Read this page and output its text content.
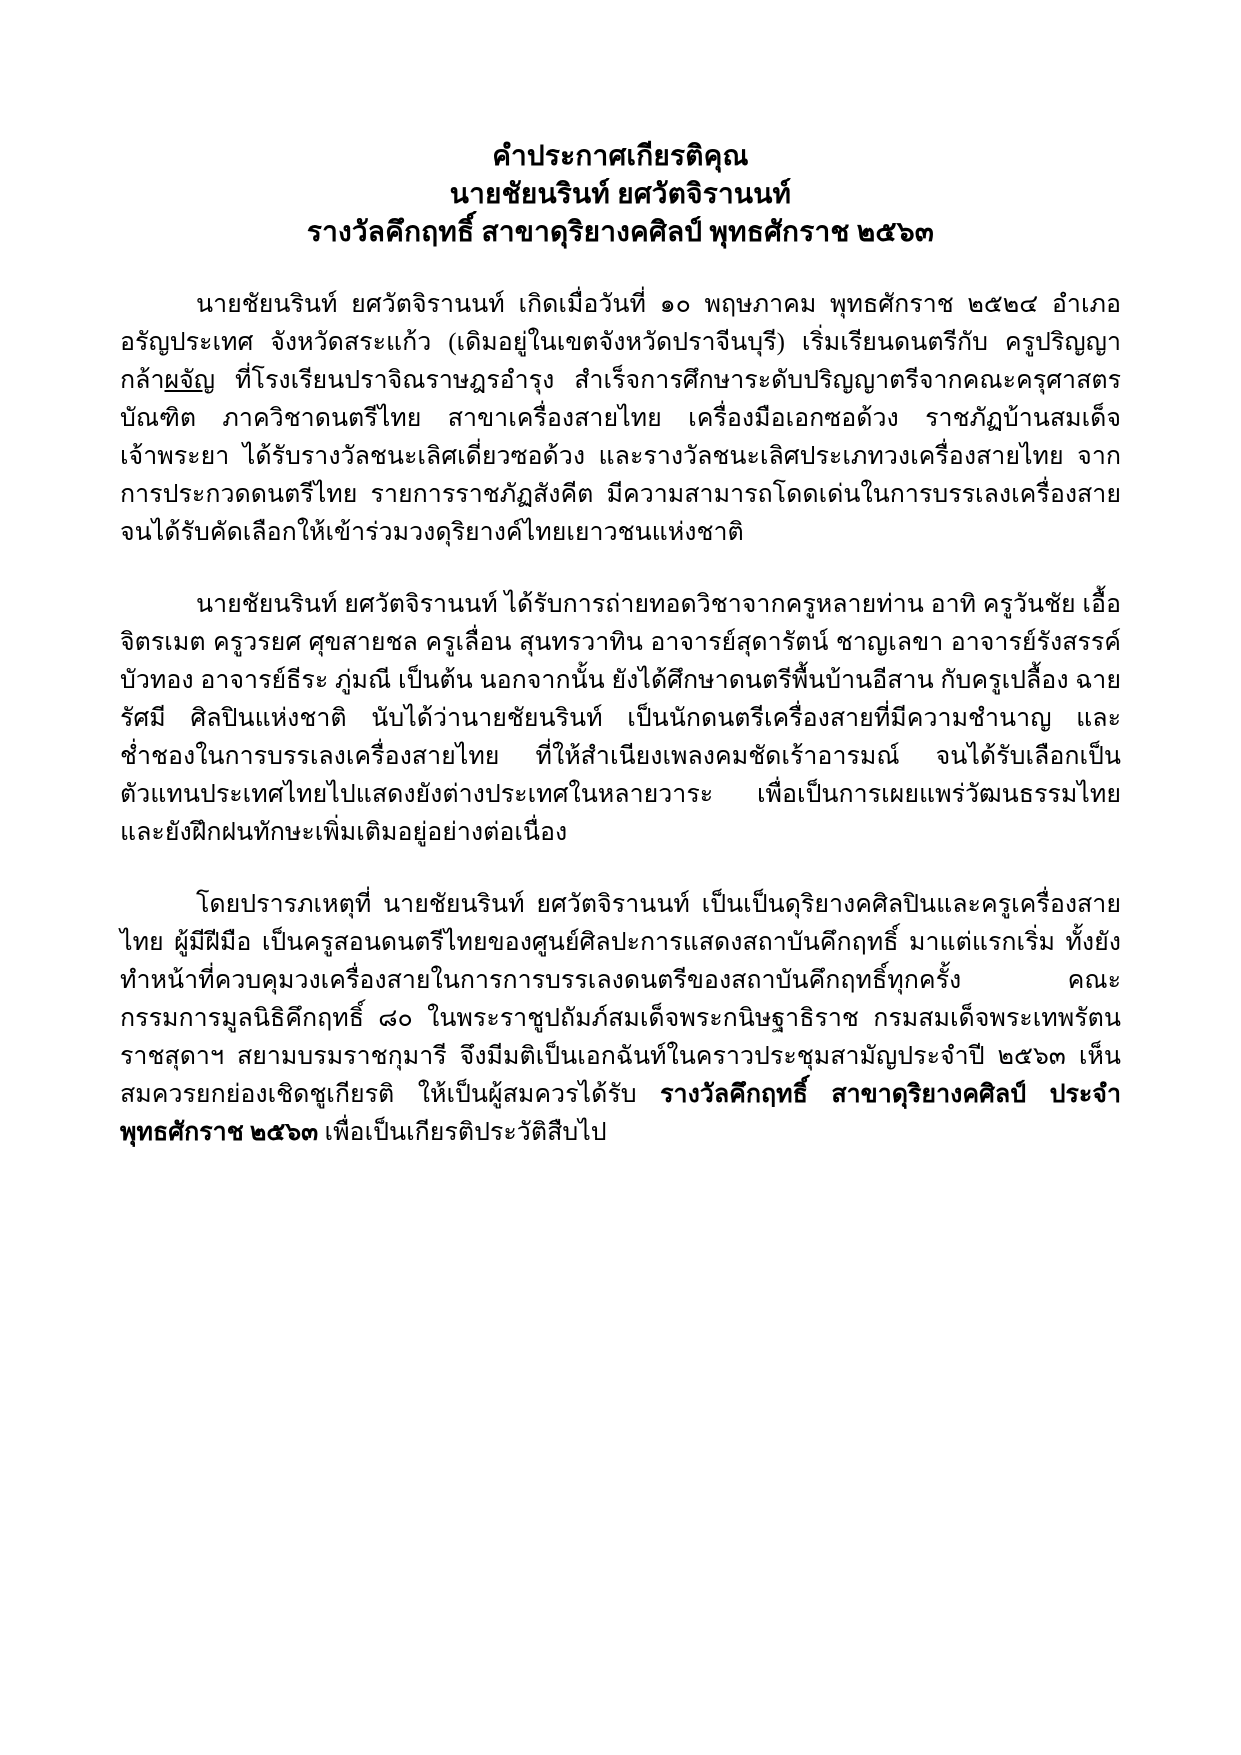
คำประกาศเกียรติคุณ
นายชัยนรินท์ ยศวัตจิรานนท์
รางวัลคึกฤทธิ์ สาขาดุริยางคศิลป์ พุทธศักราช ๒๕๖๓

นายชัยนรินท์ ยศวัตจิรานนท์ เกิดเมื่อวันที่ ๑๐ พฤษภาคม พุทธศักราช ๒๕๒๔ อำเภออรัญประเทศ จังหวัดสระแก้ว (เดิมอยู่ในเขตจังหวัดปราจีนบุรี) เริ่มเรียนดนตรีกับ ครูปริญญา กล้าผจัญ ที่โรงเรียนปราจิณราษฎรอำรุง สำเร็จการศึกษาระดับปริญญาตรีจากคณะครุศาสตรบัณฑิต ภาควิชาดนตรีไทย สาขาเครื่องสายไทย เครื่องมือเอกซอด้วง ราชภัฏบ้านสมเด็จเจ้าพระยา ได้รับรางวัลชนะเลิศเดี่ยวซอด้วง และรางวัลชนะเลิศประเภทวงเครื่องสายไทย จากการประกวดดนตรีไทย รายการราชภัฏสังคีต มีความสามารถโดดเด่นในการบรรเลงเครื่องสาย จนได้รับคัดเลือกให้เข้าร่วมวงดุริยางค์ไทยเยาวชนแห่งชาติ

นายชัยนรินท์ ยศวัตจิรานนท์ ได้รับการถ่ายทอดวิชาจากครูหลายท่าน อาทิ ครูวันชัย เอื้อจิตรเมต ครูวรยศ ศุขสายชล ครูเลื่อน สุนทรวาทิน อาจารย์สุดารัตน์ ชาญเลขา อาจารย์รังสรรค์ บัวทอง อาจารย์ธีระ ภู่มณี เป็นต้น นอกจากนั้น ยังได้ศึกษาดนตรีพื้นบ้านอีสาน กับครูเปลื้อง ฉายรัศมี ศิลปินแห่งชาติ นับได้ว่านายชัยนรินท์ เป็นนักดนตรีเครื่องสายที่มีความชำนาญ และช่ำชองในการบรรเลงเครื่องสายไทย ที่ให้สำเนียงเพลงคมชัดเร้าอารมณ์ จนได้รับเลือกเป็นตัวแทนประเทศไทยไปแสดงยังต่างประเทศในหลายวาระ เพื่อเป็นการเผยแพร่วัฒนธรรมไทย และยังฝึกฝนทักษะเพิ่มเติมอยู่อย่างต่อเนื่อง

โดยปรารภเหตุที่ นายชัยนรินท์ ยศวัตจิรานนท์ เป็นเป็นดุริยางคศิลปินและครูเครื่องสายไทย ผู้มีฝีมือ เป็นครูสอนดนตรีไทยของศูนย์ศิลปะการแสดงสถาบันคึกฤทธิ์ มาแต่แรกเริ่ม ทั้งยังทำหน้าที่ควบคุมวงเครื่องสายในการการบรรเลงดนตรีของสถาบันคึกฤทธิ์ทุกครั้ง คณะกรรมการมูลนิธิคึกฤทธิ์ ๘๐ ในพระราชูปถัมภ์สมเด็จพระกนิษฐาธิราช กรมสมเด็จพระเทพรัตนราชสุดาฯ สยามบรมราชกุมารี จึงมีมติเป็นเอกฉันท์ในคราวประชุมสามัญประจำปี ๒๕๖๓ เห็นสมควรยกย่องเชิดชูเกียรติ ให้เป็นผู้สมควรได้รับ รางวัลคึกฤทธิ์ สาขาดุริยางคศิลป์ ประจำพุทธศักราช ๒๕๖๓ เพื่อเป็นเกียรติประวัติสืบไป
